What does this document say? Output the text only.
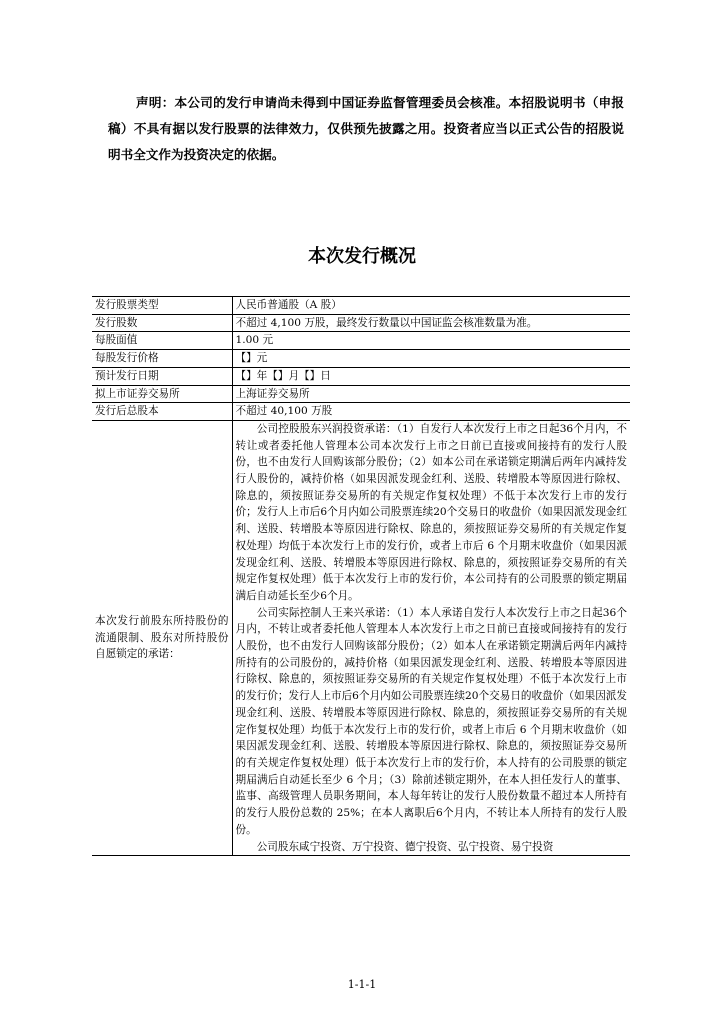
声明：本公司的发行申请尚未得到中国证券监督管理委员会核准。本招股说明书（申报稿）不具有据以发行股票的法律效力，仅供预先披露之用。投资者应当以正式公告的招股说明书全文作为投资决定的依据。

本次发行概况
发行股票类型	人民币普通股（A 股）
发行股数	不超过 4,100 万股，最终发行数量以中国证监会核准数量为准。
每股面值	1.00 元
每股发行价格	【】元
预计发行日期	【】年【】月【】日
拟上市证券交易所	上海证券交易所
发行后总股本	不超过 40,100 万股
本次发行前股东所持股份的流通限制、股东对所持股份自愿锁定的承诺：	公司控股股东兴润投资承诺：（1）自发行人本次发行上市之日起36个月内，不转让或者委托他人管理本公司本次发行上市之日前已直接或间接持有的发行人股份，也不由发行人回购该部分股份；（2）如本公司在承诺锁定期满后两年内减持发行人股份的，减持价格（如果因派发现金红利、送股、转增股本等原因进行除权、除息的，须按照证券交易所的有关规定作复权处理）不低于本次发行上市的发行价；发行人上市后6个月内如公司股票连续20个交易日的收盘价（如果因派发现金红利、送股、转增股本等原因进行除权、除息的，须按照证券交易所的有关规定作复权处理）均低于本次发行上市的发行价，或者上市后 6 个月期末收盘价（如果因派发现金红利、送股、转增股本等原因进行除权、除息的，须按照证券交易所的有关规定作复权处理）低于本次发行上市的发行价，本公司持有的公司股票的锁定期届满后自动延长至少6个月。

公司实际控制人王来兴承诺：（1）本人承诺自发行人本次发行上市之日起36个月内，不转让或者委托他人管理本人本次发行上市之日前已直接或间接持有的发行人股份，也不由发行人回购该部分股份；（2）如本人在承诺锁定期满后两年内减持所持有的公司股份的，减持价格（如果因派发现金红利、送股、转增股本等原因进行除权、除息的，须按照证券交易所的有关规定作复权处理）不低于本次发行上市的发行价；发行人上市后6个月内如公司股票连续20个交易日的收盘价（如果因派发现金红利、送股、转增股本等原因进行除权、除息的，须按照证券交易所的有关规定作复权处理）均低于本次发行上市的发行价，或者上市后 6 个月期末收盘价（如果因派发现金红利、送股、转增股本等原因进行除权、除息的，须按照证券交易所的有关规定作复权处理）低于本次发行上市的发行价，本人持有的公司股票的锁定期届满后自动延长至少 6 个月；（3）除前述锁定期外，在本人担任发行人的董事、监事、高级管理人员职务期间，本人每年转让的发行人股份数量不超过本人所持有的发行人股份总数的 25%；在本人离职后6个月内，不转让本人所持有的发行人股份。

公司股东咸宁投资、万宁投资、德宁投资、弘宁投资、易宁投资

1-1-1
